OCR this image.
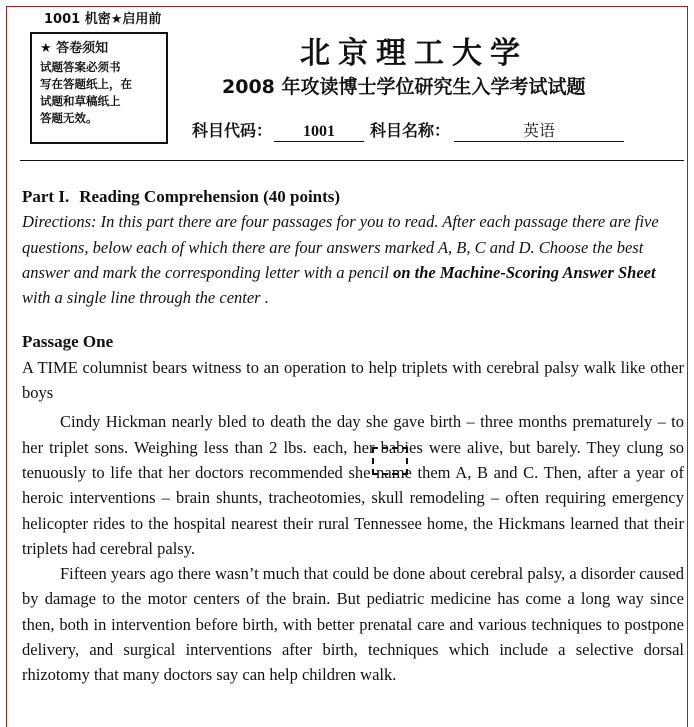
1001 机密★启用前
★ 答卷须知
试题答案必须书
写在答题纸上，在
试题和草稿纸上
答题无效。
北京理工大学
2008 年攻读博士学位研究生入学考试试题
科目代码： 1001 科目名称：	英语
Part I. Reading Comprehension (40 points)

Directions: In this part there are four passages for you to read. After each passage there are five questions, below each of which there are four answers marked A, B, C and D. Choose the best answer and mark the corresponding letter with a pencil on the Machine-Scoring Answer Sheet with a single line through the center .

Passage One

A TIME columnist bears witness to an operation to help triplets with cerebral palsy walk like other boys

Cindy Hickman nearly bled to death the day she gave birth – three months prematurely – to her triplet sons. Weighing less than 2 lbs. each, her babies were alive, but barely. They clung so tenuously to life that her doctors recommended she name them A, B and C. Then, after a year of heroic interventions – brain shunts, tracheotomies, skull remodeling – often requiring emergency helicopter rides to the hospital nearest their rural Tennessee home, the Hickmans learned that their triplets had cerebral palsy.

Fifteen years ago there wasn’t much that could be done about cerebral palsy, a disorder caused by damage to the motor centers of the brain. But pediatric medicine has come a long way since then, both in intervention before birth, with better prenatal care and various techniques to postpone delivery, and surgical interventions after birth, techniques which include a selective dorsal rhizotomy that many doctors say can help children walk.
